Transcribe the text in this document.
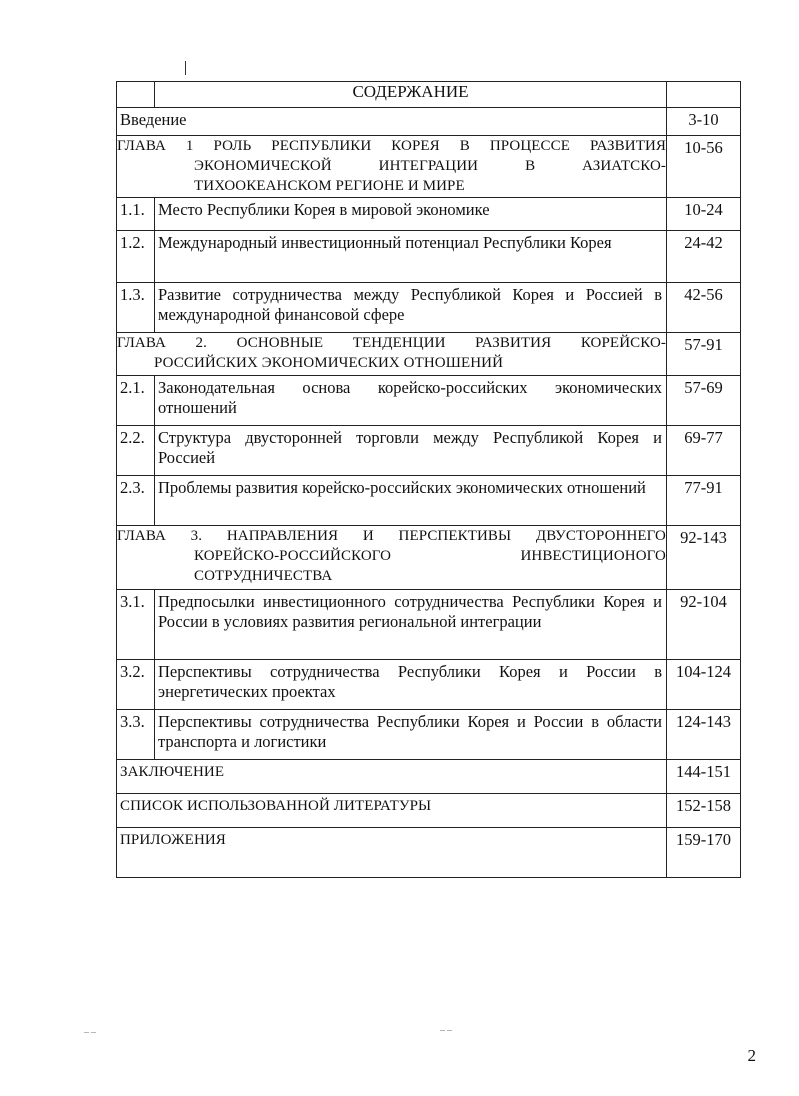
	СОДЕРЖАНИЕ	

Введение		3-10

ГЛАВА 1 РОЛЬ РЕСПУБЛИКИ КОРЕЯ В ПРОЦЕССЕ РАЗВИТИЯ
ЭКОНОМИЧЕСКОЙ ИНТЕГРАЦИИ В АЗИАТСКО-
ТИХООКЕАНСКОМ РЕГИОНЕ И МИРЕ		10-56

1.1.	Место Республики Корея в мировой экономике	10-24

1.2.	Международный инвестиционный потенциал Республики Корея	24-42

1.3.	Развитие сотрудничества между Республикой Корея и Россией в международной финансовой сфере	42-56

ГЛАВА 2. ОСНОВНЫЕ ТЕНДЕНЦИИ РАЗВИТИЯ КОРЕЙСКО-
РОССИЙСКИХ ЭКОНОМИЧЕСКИХ ОТНОШЕНИЙ		57-91

2.1.	Законодательная основа корейско-российских экономических отношений	57-69

2.2.	Структура двусторонней торговли между Республикой Корея и Россией	69-77

2.3.	Проблемы развития корейско-российских экономических отношений	77-91

ГЛАВА 3. НАПРАВЛЕНИЯ И ПЕРСПЕКТИВЫ ДВУСТОРОННЕГО
КОРЕЙСКО-РОССИЙСКОГО ИНВЕСТИЦИОНОГО
СОТРУДНИЧЕСТВА		92-143

3.1.	Предпосылки инвестиционного сотрудничества Республики Корея и России в условиях развития региональной интеграции	92-104

3.2.	Перспективы сотрудничества Республики Корея и России в энергетических проектах	104-124

3.3.	Перспективы сотрудничества Республики Корея и России в области транспорта и логистики	124-143

ЗАКЛЮЧЕНИЕ		144-151

СПИСОК ИСПОЛЬЗОВАННОЙ ЛИТЕРАТУРЫ		152-158

ПРИЛОЖЕНИЯ		159-170
––	––
2
